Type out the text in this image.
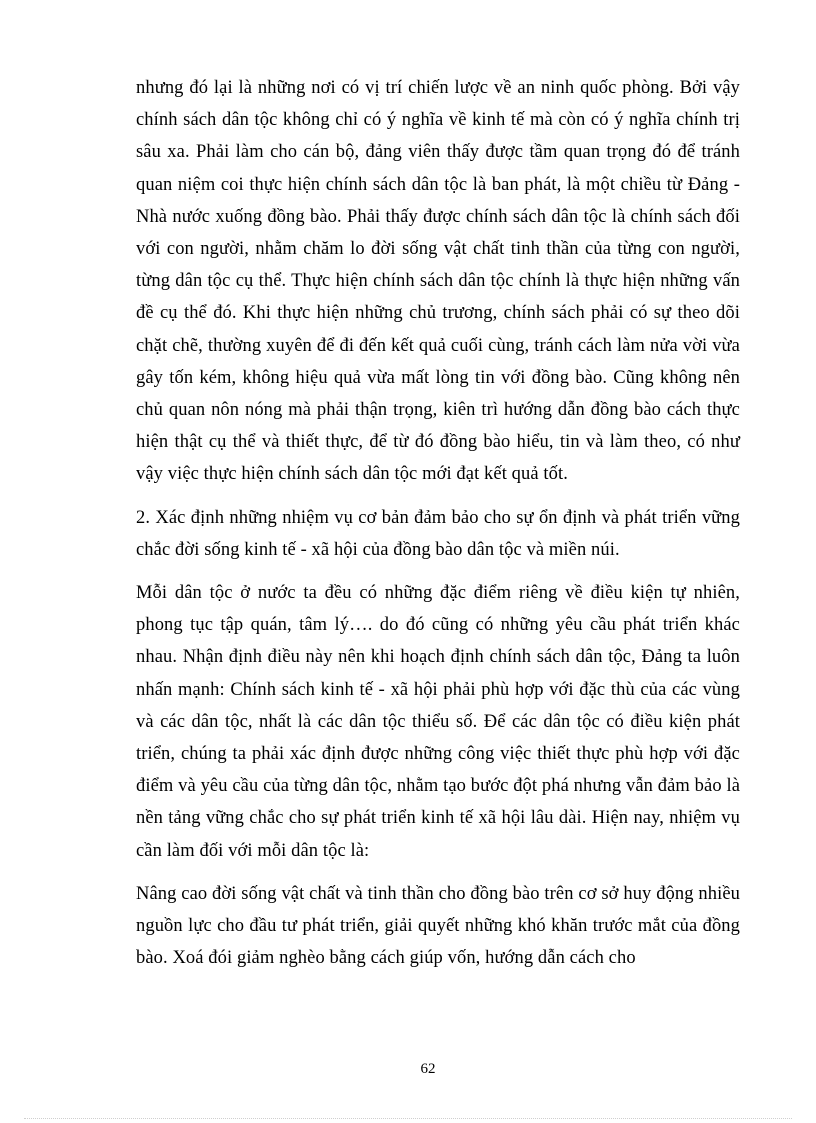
nhưng đó lại là những nơi có vị trí chiến lược về an ninh quốc phòng. Bởi vậy chính sách dân tộc không chỉ có ý nghĩa về kinh tế mà còn có ý nghĩa chính trị sâu xa. Phải làm cho cán bộ, đảng viên thấy được tầm quan trọng đó để tránh quan niệm coi thực hiện chính sách dân tộc là ban phát, là một chiều từ Đảng - Nhà nước xuống đồng bào. Phải thấy được chính sách dân tộc là chính sách đối với con người, nhằm chăm lo đời sống vật chất tinh thần của từng con người, từng dân tộc cụ thể. Thực hiện chính sách dân tộc chính là thực hiện những vấn đề cụ thể đó. Khi thực hiện những chủ trương, chính sách phải có sự theo dõi chặt chẽ, thường xuyên để đi đến kết quả cuối cùng, tránh cách làm nửa vời vừa gây tốn kém, không hiệu quả vừa mất lòng tin với đồng bào. Cũng không nên chủ quan nôn nóng mà phải thận trọng, kiên trì hướng dẫn đồng bào cách thực hiện thật cụ thể và thiết thực, để từ đó đồng bào hiểu, tin và làm theo, có như vậy việc thực hiện chính sách dân tộc mới đạt kết quả tốt.

2. Xác định những nhiệm vụ cơ bản đảm bảo cho sự ổn định và phát triển vững chắc đời sống kinh tế - xã hội của đồng bào dân tộc và miền núi.

Mỗi dân tộc ở nước ta đều có những đặc điểm riêng về điều kiện tự nhiên, phong tục tập quán, tâm lý…. do đó cũng có những yêu cầu phát triển khác nhau. Nhận định điều này nên khi hoạch định chính sách dân tộc, Đảng ta luôn nhấn mạnh: Chính sách kinh tế - xã hội phải phù hợp với đặc thù của các vùng và các dân tộc, nhất là các dân tộc thiểu số. Để các dân tộc có điều kiện phát triển, chúng ta phải xác định được những công việc thiết thực phù hợp với đặc điểm và yêu cầu của từng dân tộc, nhằm tạo bước đột phá nhưng vẫn đảm bảo là nền tảng vững chắc cho sự phát triển kinh tế xã hội lâu dài. Hiện nay, nhiệm vụ cần làm đối với mỗi dân tộc là:

Nâng cao đời sống vật chất và tinh thần cho đồng bào trên cơ sở huy động nhiều nguồn lực cho đầu tư phát triển, giải quyết những khó khăn trước mắt của đồng bào. Xoá đói giảm nghèo bằng cách giúp vốn, hướng dẫn cách cho

62
